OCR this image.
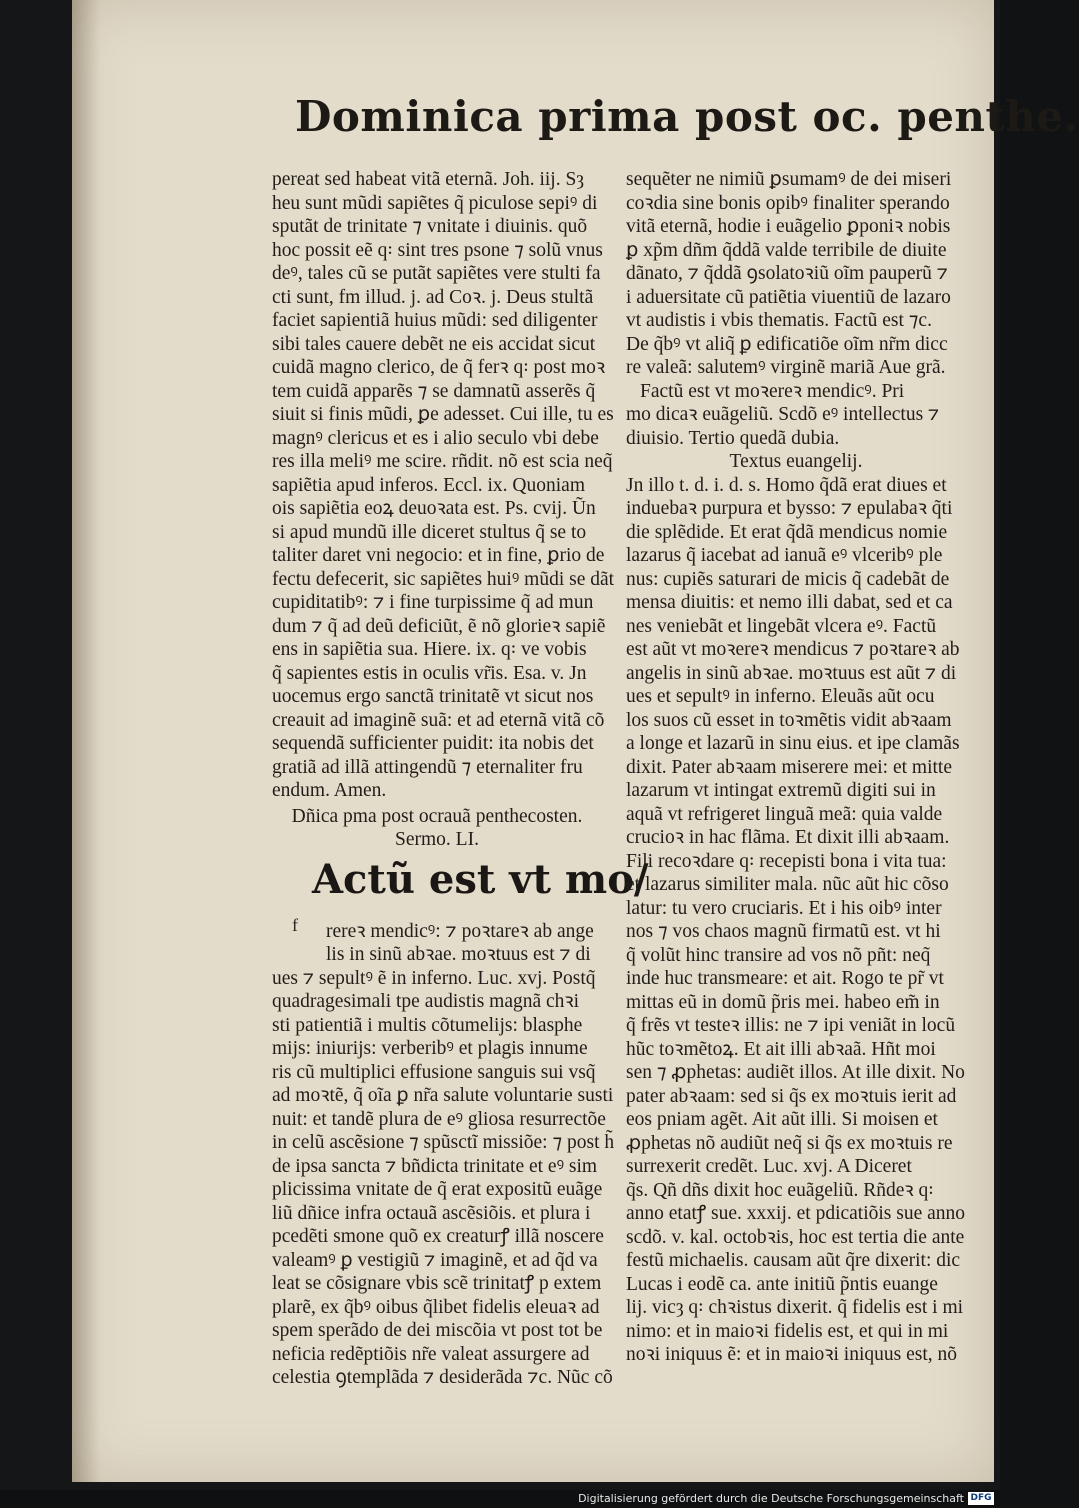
Dominica prima post oc. penthe.
pereat sed habeat vitã eternã. Joh. iij. Sȝ
heu sunt mũdi sapiẽtes q̃ piculose sepiꝰ di
sputãt de trinitate ⁊ vnitate i diuinis. quõ
hoc possit eẽ q꞉ sint tres psone ⁊ solũ vnus
deꝰ, tales cũ se putãt sapiẽtes vere stulti fa
cti sunt, fm illud. j. ad Coꝛ. j. Deus stultã
faciet sapientiã huius mũdi: sed diligenter
sibi tales cauere debẽt ne eis accidat sicut
cuidã magno clerico, de q̃ ferꝛ q꞉ post moꝛ
tem cuidã apparẽs ⁊ se damnatũ asserẽs q̃
siuit si finis mũdi, ꝑe adesset. Cui ille, tu es
magnꝰ clericus et es i alio seculo vbi debe
res illa meliꝰ me scire. rñdit. nõ est scia neq̃
sapiẽtia apud inferos. Eccl. ix. Quoniam
ois sapiẽtia eoꝝ deuoꝛata est. Ps. cvij. Ũn
si apud mundũ ille diceret stultus q̃ se to
taliter daret vni negocio: et in fine, ꝑrio de
fectu defecerit, sic sapiẽtes huiꝰ mũdi se dãt
cupiditatibꝰ: ⁊ i fine turpissime q̃ ad mun
dum ⁊ q̃ ad deũ deficiũt, ẽ nõ glorieꝛ sapiẽ
ens in sapiẽtia sua. Hiere. ix. q꞉ ve vobis
q̃ sapientes estis in oculis vr̃is. Esa. v. Jn
uocemus ergo sanctã trinitatẽ vt sicut nos
creauit ad imaginẽ suã: et ad eternã vitã cõ
sequendã sufficienter puidit: ita nobis det
gratiã ad illã attingendũ ⁊ eternaliter fru
endum. Amen.
Dñica pma post ocrauã penthecosten.
Sermo. LI.
Actũ est vt mo/
f	rereꝛ mendicꝰ: ⁊ poꝛtareꝛ ab ange
lis in sinũ abꝛae. moꝛtuus est ⁊ di
ues ⁊ sepultꝰ ẽ in inferno. Luc. xvj. Postq̃
quadragesimali tpe audistis magnã chꝛi
sti patientiã i multis cõtumelijs: blasphe
mijs: iniurijs: verberibꝰ et plagis innume
ris cũ multiplici effusione sanguis sui vsq̃
ad moꝛtẽ, q̃ oĩa ꝑ nr̃a salute voluntarie susti
nuit: et tandẽ plura de eꝰ gliosa resurrectõe
in celũ ascẽsione ⁊ spũsctĩ missiõe: ⁊ post h̃
de ipsa sancta ⁊ bñdicta trinitate et eꝰ sim
plicissima vnitate de q̃ erat expositũ euãge
liũ dñice infra octauã ascẽsiõis. et plura i
pcedẽti smone quõ ex creaturꝭ illã noscere
valeamꝰ ꝑ vestigiũ ⁊ imaginẽ, et ad q̃d va
leat se cõsignare vbis scẽ trinitatꝭ p extem
plarẽ, ex q̃bꝰ oibus q̃libet fidelis eleuaꝛ ad
spem sperãdo de dei miscõia vt post tot be
neficia redẽptiõis nr̃e valeat assurgere ad
celestia ꝯtemplãda ⁊ desiderãda ⁊c. Nũc cõ
sequẽter ne nimiũ ꝑsumamꝰ de dei miseri
coꝛdia sine bonis opibꝰ finaliter sperando
vitã eternã, hodie i euãgelio ꝑponiꝛ nobis
ꝑ xp̃m dñm q̃ddã valde terribile de diuite
dãnato, ⁊ q̃ddã ꝯsolatoꝛiũ oĩm pauperũ ⁊
i aduersitate cũ patiẽtia viuentiũ de lazaro
vt audistis i vbis thematis. Factũ est ⁊c.
De q̃bꝰ vt aliq̃ ꝑ edificatiõe oĩm nr̃m dicc
re valeã: salutemꝰ virginẽ mariã Aue grã.
Factũ est vt moꝛereꝛ mendicꝰ. Pri
mo dicaꝛ euãgeliũ. Scdõ eꝰ intellectus ⁊
diuisio. Tertio quedã dubia.
Textus euangelij.
Jn illo t. d. i. d. s. Homo q̃dã erat diues et
induebaꝛ purpura et bysso: ⁊ epulabaꝛ q̃ti
die splẽdide. Et erat q̃dã mendicus nomie
lazarus q̃ iacebat ad ianuã eꝰ vlceribꝰ ple
nus: cupiẽs saturari de micis q̃ cadebãt de
mensa diuitis: et nemo illi dabat, sed et ca
nes veniebãt et lingebãt vlcera eꝰ. Factũ
est aũt vt moꝛereꝛ mendicus ⁊ poꝛtareꝛ ab
angelis in sinũ abꝛae. moꝛtuus est aũt ⁊ di
ues et sepultꝰ in inferno. Eleuãs aũt ocu
los suos cũ esset in toꝛmẽtis vidit abꝛaam
a longe et lazarũ in sinu eius. et ipe clamãs
dixit. Pater abꝛaam miserere mei: et mitte
lazarum vt intingat extremũ digiti sui in
aquã vt refrigeret linguã meã: quia valde
crucioꝛ in hac flãma. Et dixit illi abꝛaam.
Fili recoꝛdare q꞉ recepisti bona i vita tua:
et lazarus similiter mala. nũc aũt hic cõso
latur: tu vero cruciaris. Et i his oibꝰ inter
nos ⁊ vos chaos magnũ firmatũ est. vt hi
q̃ volũt hinc transire ad vos nõ pñt: neq̃
inde huc transmeare: et ait. Rogo te pr̃ vt
mittas eũ in domũ p̃ris mei. habeo em̃ in
q̃ frẽs vt testeꝛ illis: ne ⁊ ipi veniãt in locũ
hũc toꝛmẽtoꝝ. Et ait illi abꝛaã. Hñt moi
sen ⁊ ꝓphetas: audiẽt illos. At ille dixit. No
pater abꝛaam: sed si q̃s ex moꝛtuis ierit ad
eos pniam agẽt. Ait aũt illi. Si moisen et
ꝓphetas nõ audiũt neq̃ si q̃s ex moꝛtuis re
surrexerit credẽt. Luc. xvj. A Diceret
q̃s. Qñ dñs dixit hoc euãgeliũ. Rñdeꝛ q꞉
anno etatꝭ sue. xxxij. et pdicatiõis sue anno
scdõ. v. kal. octobꝛis, hoc est tertia die ante
festũ michaelis. causam aũt q̃re dixerit: dic
Lucas i eodẽ ca. ante initiũ p̃ntis euange
lij. vicȝ q꞉ chꝛistus dixerit. q̃ fidelis est i mi
nimo: et in maioꝛi fidelis est, et qui in mi
noꝛi iniquus ẽ: et in maioꝛi iniquus est, nõ
Digitalisierung gefördert durch die Deutsche Forschungsgemeinschaft DFG
